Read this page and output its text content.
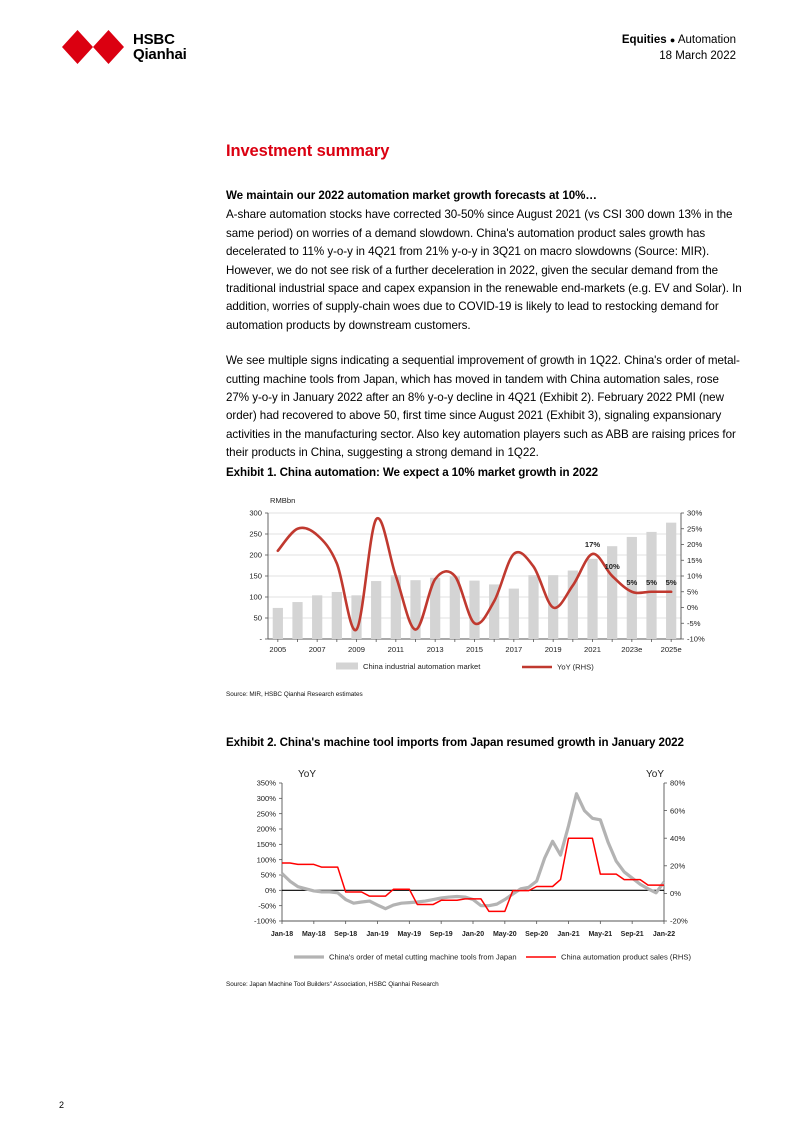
HSBC
Qianhai
Equities ● Automation
18 March 2022
Investment summary
We maintain our 2022 automation market growth forecasts at 10%…

A-share automation stocks have corrected 30-50% since August 2021 (vs CSI 300 down 13% in the same period) on worries of a demand slowdown. China's automation product sales growth has decelerated to 11% y-o-y in 4Q21 from 21% y-o-y in 3Q21 on macro slowdowns (Source: MIR). However, we do not see risk of a further deceleration in 2022, given the secular demand from the traditional industrial space and capex expansion in the renewable end-markets (e.g. EV and Solar). In addition, worries of supply-chain woes due to COVID-19 is likely to lead to restocking demand for automation products by downstream customers.

We see multiple signs indicating a sequential improvement of growth in 1Q22. China's order of metal-cutting machine tools from Japan, which has moved in tandem with China automation sales, rose 27% y-o-y in January 2022 after an 8% y-o-y decline in 4Q21 (Exhibit 2). February 2022 PMI (new order) had recovered to above 50, first time since August 2021 (Exhibit 3), signaling expansionary activities in the manufacturing sector. Also key automation players such as ABB are raising prices for their products in China, suggesting a strong demand in 1Q22.

Exhibit 1. China automation: We expect a 10% market growth in 2022
RMBbn
-
50
100
150
200
250
300
-10%
-5%
0%
5%
10%
15%
20%
25%
30%
2005	2007	2009	2011	2013	2015	2017	2019	2021	2023e 2025e
17%
10%
5% 5% 5%
China industrial automation market	YoY (RHS)
Source: MIR, HSBC Qianhai Research estimates
Exhibit 2. China's machine tool imports from Japan resumed growth in January 2022
YoY	YoY
-100%
-50%
0%
50%
100%
150%
200%
250%
300%
350%
-20%
0%
20%
40%
60%
80%
Jan-18 May-18 Sep-18 Jan-19 May-19 Sep-19 Jan-20 May-20 Sep-20 Jan-21 May-21 Sep-21 Jan-22
China's order of metal cutting machine tools from Japan	China automation product sales (RHS)
Source: Japan Machine Tool Builders'' Association, HSBC Qianhai Research
2
